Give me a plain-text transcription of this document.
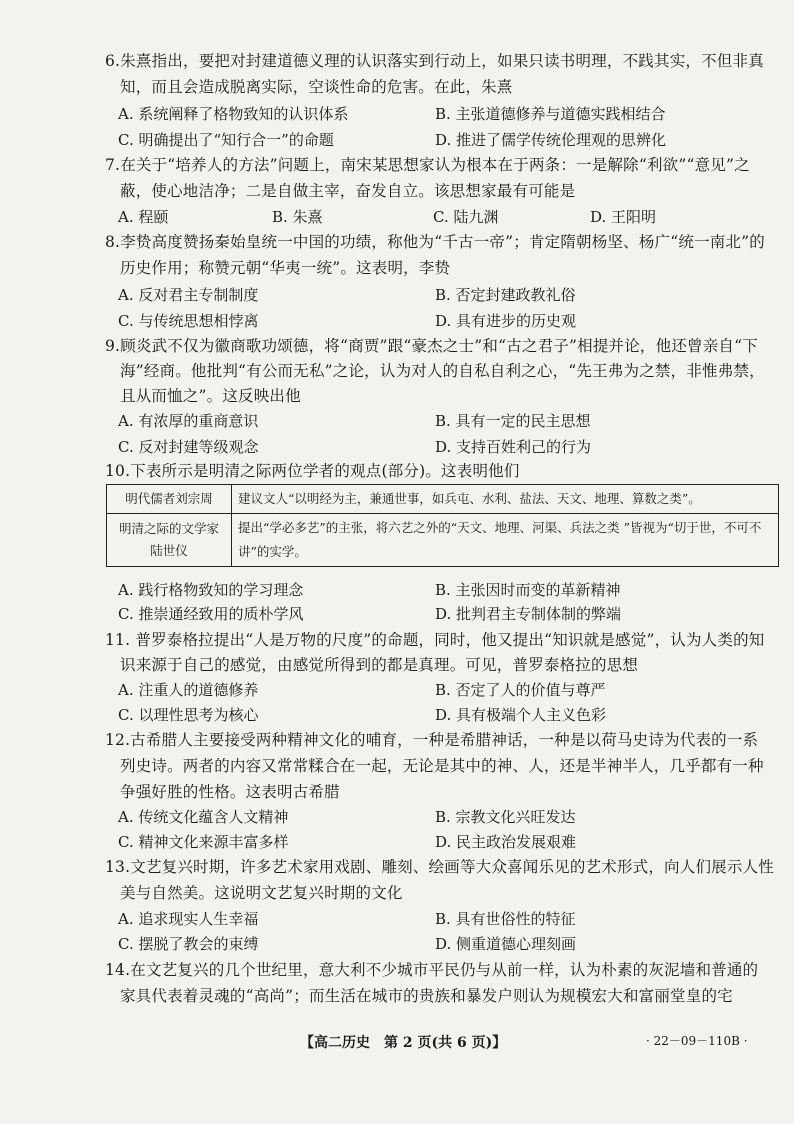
6.朱熹指出，要把对封建道德义理的认识落实到行动上，如果只读书明理，不践其实，不但非真
知，而且会造成脱离实际，空谈性命的危害。在此，朱熹
A. 系统阐释了格物致知的认识体系	B. 主张道德修养与道德实践相结合
C. 明确提出了“知行合一”的命题	D. 推进了儒学传统伦理观的思辨化
7.在关于“培养人的方法”问题上，南宋某思想家认为根本在于两条：一是解除“利欲”“意见”之
蔽，使心地洁净；二是自做主宰，奋发自立。该思想家最有可能是
A. 程颐	B. 朱熹	C. 陆九渊	D. 王阳明
8.李贽高度赞扬秦始皇统一中国的功绩，称他为“千古一帝”；肯定隋朝杨坚、杨广“统一南北”的
历史作用；称赞元朝“华夷一统”。这表明，李贽
A. 反对君主专制制度	B. 否定封建政教礼俗
C. 与传统思想相悖离	D. 具有进步的历史观
9.顾炎武不仅为徽商歌功颂德，将“商贾”跟“豪杰之士”和“古之君子”相提并论，他还曾亲自“下
海”经商。他批判“有公而无私”之论，认为对人的自私自利之心，“先王弗为之禁，非惟弗禁，
且从而恤之”。这反映出他
A. 有浓厚的重商意识	B. 具有一定的民主思想
C. 反对封建等级观念	D. 支持百姓利己的行为
10.下表所示是明清之际两位学者的观点(部分)。这表明他们
明代儒者刘宗周	建议文人“以明经为主，兼通世事，如兵屯、水利、盐法、天文、地理、算数之类”。
明清之际的文学家陆世仪	提出“学必多艺”的主张，将六艺之外的“天文、地理、河渠、兵法之类 ”皆视为“切于世，不可不讲”的实学。
A. 践行格物致知的学习理念	B. 主张因时而变的革新精神
C. 推崇通经致用的质朴学风	D. 批判君主专制体制的弊端
11. 普罗泰格拉提出“人是万物的尺度”的命题，同时，他又提出“知识就是感觉”，认为人类的知
识来源于自己的感觉，由感觉所得到的都是真理。可见，普罗泰格拉的思想
A. 注重人的道德修养	B. 否定了人的价值与尊严
C. 以理性思考为核心	D. 具有极端个人主义色彩
12.古希腊人主要接受两种精神文化的哺育，一种是希腊神话，一种是以荷马史诗为代表的一系
列史诗。两者的内容又常常糅合在一起，无论是其中的神、人，还是半神半人，几乎都有一种
争强好胜的性格。这表明古希腊
A. 传统文化蕴含人文精神	B. 宗教文化兴旺发达
C. 精神文化来源丰富多样	D. 民主政治发展艰难
13.文艺复兴时期，许多艺术家用戏剧、雕刻、绘画等大众喜闻乐见的艺术形式，向人们展示人性
美与自然美。这说明文艺复兴时期的文化
A. 追求现实人生幸福	B. 具有世俗性的特征
C. 摆脱了教会的束缚	D. 侧重道德心理刻画
14.在文艺复兴的几个世纪里，意大利不少城市平民仍与从前一样，认为朴素的灰泥墙和普通的
家具代表着灵魂的“高尚”；而生活在城市的贵族和暴发户则认为规模宏大和富丽堂皇的宅
【高二历史　第 2 页(共 6 页)】	· 22－09－110B ·
